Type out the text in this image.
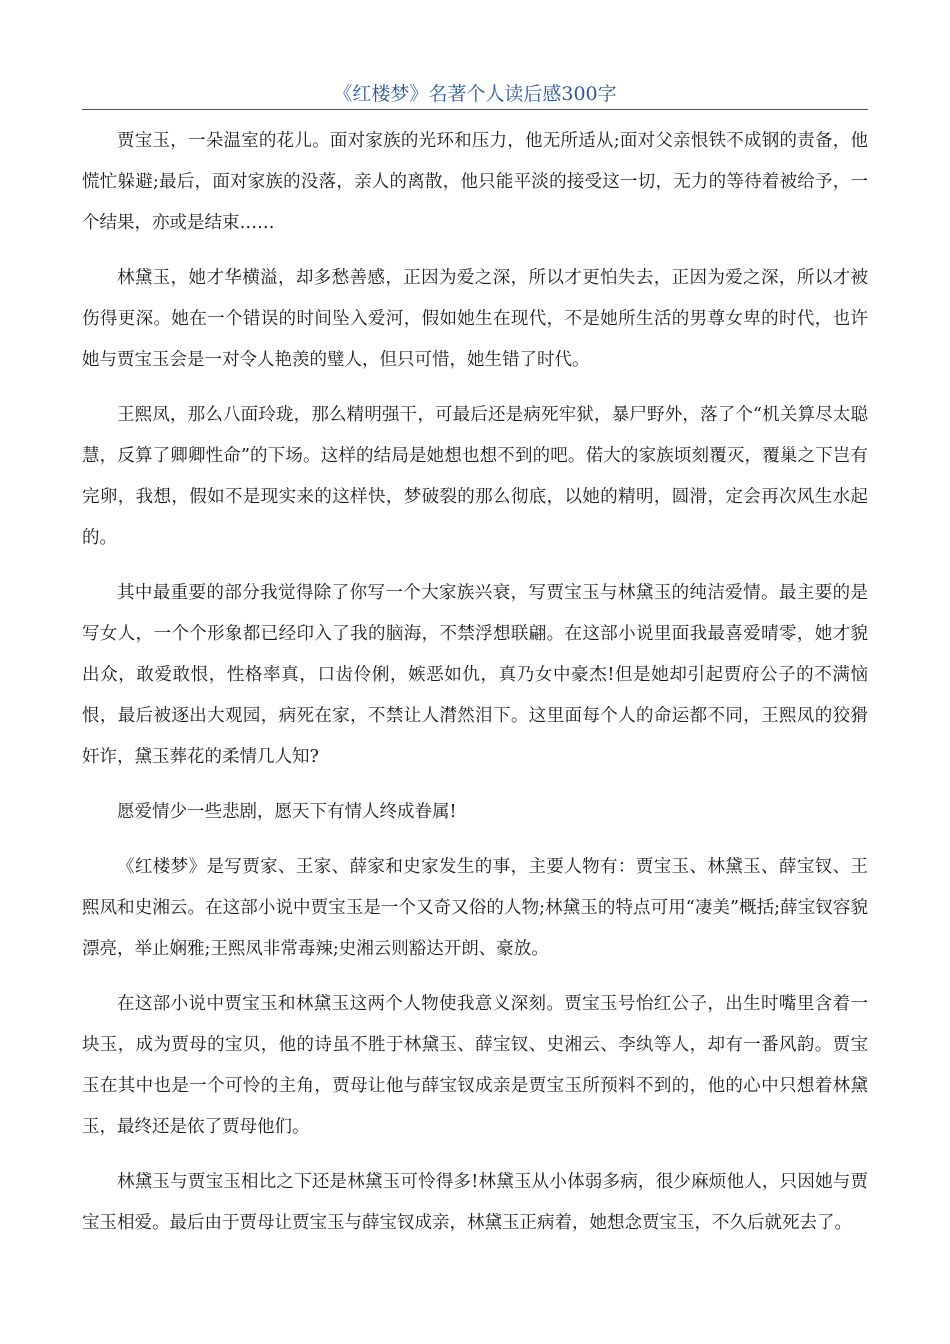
《红楼梦》名著个人读后感300字

贾宝玉，一朵温室的花儿。面对家族的光环和压力，他无所适从;面对父亲恨铁不成钢的责备，他慌忙躲避;最后，面对家族的没落，亲人的离散，他只能平淡的接受这一切，无力的等待着被给予，一个结果，亦或是结束……

林黛玉，她才华横溢，却多愁善感，正因为爱之深，所以才更怕失去，正因为爱之深，所以才被伤得更深。她在一个错误的时间坠入爱河，假如她生在现代，不是她所生活的男尊女卑的时代，也许她与贾宝玉会是一对令人艳羡的璧人，但只可惜，她生错了时代。

王熙凤，那么八面玲珑，那么精明强干，可最后还是病死牢狱，暴尸野外，落了个“机关算尽太聪慧，反算了卿卿性命”的下场。这样的结局是她想也想不到的吧。偌大的家族顷刻覆灭，覆巢之下岂有完卵，我想，假如不是现实来的这样快，梦破裂的那么彻底，以她的精明，圆滑，定会再次风生水起的。

其中最重要的部分我觉得除了你写一个大家族兴衰，写贾宝玉与林黛玉的纯洁爱情。最主要的是写女人，一个个形象都已经印入了我的脑海，不禁浮想联翩。在这部小说里面我最喜爱晴零，她才貌出众，敢爱敢恨，性格率真，口齿伶俐，嫉恶如仇，真乃女中豪杰!但是她却引起贾府公子的不满恼恨，最后被逐出大观园，病死在家，不禁让人潸然泪下。这里面每个人的命运都不同，王熙凤的狡猾奸诈，黛玉葬花的柔情几人知?

愿爱情少一些悲剧，愿天下有情人终成眷属!

《红楼梦》是写贾家、王家、薛家和史家发生的事，主要人物有：贾宝玉、林黛玉、薛宝钗、王熙凤和史湘云。在这部小说中贾宝玉是一个又奇又俗的人物;林黛玉的特点可用“凄美”概括;薛宝钗容貌漂亮，举止娴雅;王熙凤非常毒辣;史湘云则豁达开朗、豪放。

在这部小说中贾宝玉和林黛玉这两个人物使我意义深刻。贾宝玉号怡红公子，出生时嘴里含着一块玉，成为贾母的宝贝，他的诗虽不胜于林黛玉、薛宝钗、史湘云、李纨等人，却有一番风韵。贾宝玉在其中也是一个可怜的主角，贾母让他与薛宝钗成亲是贾宝玉所预料不到的，他的心中只想着林黛玉，最终还是依了贾母他们。

林黛玉与贾宝玉相比之下还是林黛玉可怜得多!林黛玉从小体弱多病，很少麻烦他人，只因她与贾宝玉相爱。最后由于贾母让贾宝玉与薛宝钗成亲，林黛玉正病着，她想念贾宝玉，不久后就死去了。
